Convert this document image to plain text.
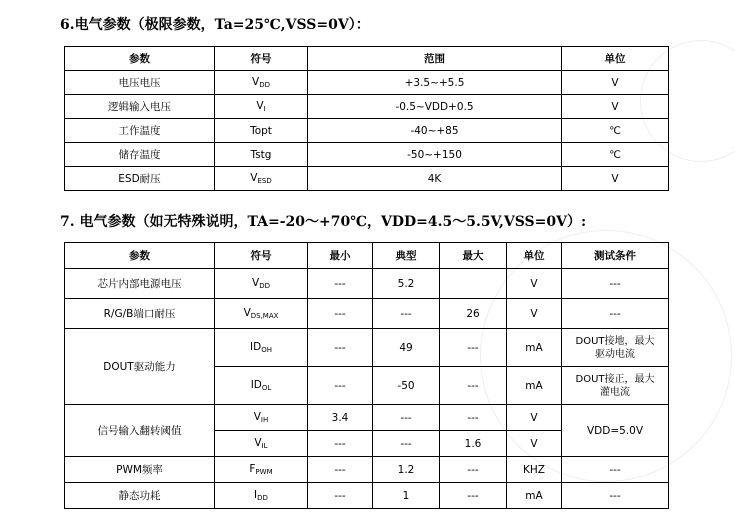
6.电气参数（极限参数，Ta=25℃,VSS=0V）：
参数	符号	范围	单位
电压电压	$V_{DD}$	+3.5~+5.5	V
逻辑输入电压	$V_I$	-0.5~VDD+0.5	V
工作温度	Topt	-40~+85	℃
储存温度	Tstg	-50~+150	℃
ESD耐压	$V_{ESD}$	4K	V
7. 电气参数（如无特殊说明，TA=-20～+70℃，VDD=4.5～5.5V,VSS=0V）:
参数	符号	最小	典型	最大	单位	测试条件
芯片内部电源电压	$V_{DD}$	---	5.2		V	---
R/G/B端口耐压	$V_{DS,MAX}$	---	---	26	V	---
DOUT驱动能力	$ID_{OH}$	---	49	---	mA	DOUT接地，最大
驱动电流
	$ID_{OL}$	---	-50	---	mA	DOUT接正，最大
灌电流
信号输入翻转阈值	$V_{IH}$	3.4	---	---	V	VDD=5.0V
	$V_{IL}$	---	---	1.6	V	
PWM频率	$F_{PWM}$	---	1.2	---	KHZ	---
静态功耗	$I_{DD}$	---	1	---	mA	---
